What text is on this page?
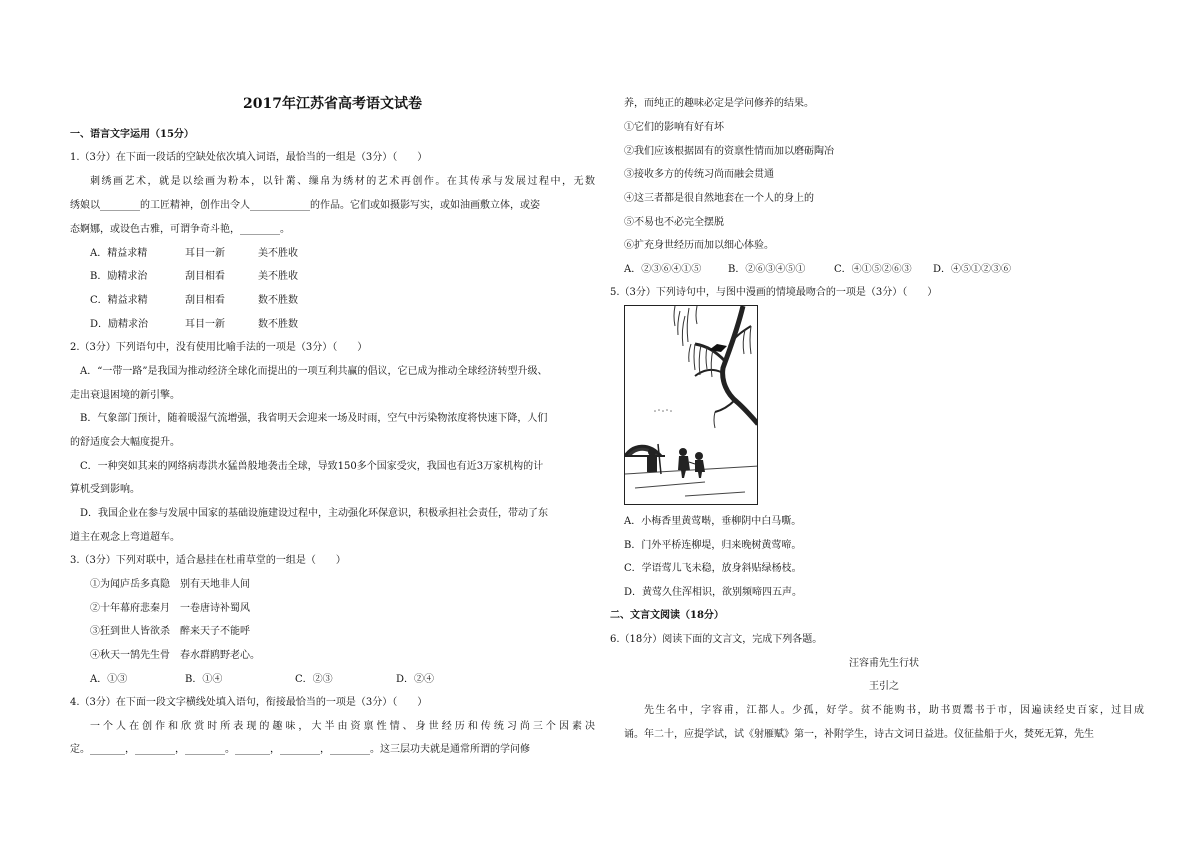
2017年江苏省高考语文试卷
一、语言文字运用（15分）
1.（3分）在下面一段话的空缺处依次填入词语，最恰当的一组是（3分）（　　）
刺绣画艺术，就是以绘画为粉本，以针黹、缫帛为绣材的艺术再创作。在其传承与发展过程中，无数
绣娘以________的工匠精神，创作出令人____________的作品。它们或如摄影写实，或如油画敷立体，或姿
态婀娜，或设色古雅，可谓争奇斗艳，________。
A．精益求精	耳目一新	美不胜收
B．励精求治	刮目相看	美不胜收
C．精益求精	刮目相看	数不胜数
D．励精求治	耳目一新	数不胜数
2.（3分）下列语句中，没有使用比喻手法的一项是（3分）（　　）
A．“一带一路”是我国为推动经济全球化而提出的一项互利共赢的倡议，它已成为推动全球经济转型升级、
走出衰退困境的新引擎。
B．气象部门预计，随着暖湿气流增强，我省明天会迎来一场及时雨，空气中污染物浓度将快速下降，人们
的舒适度会大幅度提升。
C．一种突如其来的网络病毒洪水猛兽般地袭击全球，导致150多个国家受灾，我国也有近3万家机构的计
算机受到影响。
D．我国企业在参与发展中国家的基础设施建设过程中，主动强化环保意识，积极承担社会责任，带动了东
道主在观念上弯道超车。
3.（3分）下列对联中，适合悬挂在杜甫草堂的一组是（　　）
①为闻庐岳多真隐　别有天地非人间
②十年幕府悲秦月　一卷唐诗补蜀风
③狂到世人皆欲杀　醉来天子不能呼
④秋天一鹄先生骨　春水群鸥野老心。
A．①③	B．①④	C．②③	D．②④
4.（3分）在下面一段文字横线处填入语句，衔接最恰当的一项是（3分）（　　）
一个人在创作和欣赏时所表现的趣味，大半由资禀性情、身世经历和传统习尚三个因素决
定。_______，________，________。_______，________，________。这三层功夫就是通常所谓的学问修
养，而纯正的趣味必定是学问修养的结果。
①它们的影响有好有坏
②我们应该根据固有的资禀性情而加以磨砺陶冶
③接收多方的传统习尚而融会贯通
④这三者都是很自然地套在一个人的身上的
⑤不易也不必完全摆脱
⑥扩充身世经历而加以细心体验。
A．②③⑥④①⑤	B．②⑥③④⑤①	C．④①⑤②⑥③ D．④⑤①②③⑥
5.（3分）下列诗句中，与图中漫画的情境最吻合的一项是（3分）（　　）
A．小梅香里黄莺啭，垂柳阴中白马嘶。
B．门外平桥连柳堤，归来晚树黄莺啼。
C．学语莺儿飞未稳，放身斜贴绿杨枝。
D．黄莺久住浑相识，欲别频啼四五声。
二、文言文阅读（18分）
6.（18分）阅读下面的文言文，完成下列各题。
汪容甫先生行状
王引之
先生名中，字容甫，江都人。少孤，好学。贫不能购书，助书贾鬻书于市，因遍读经史百家，过目成
诵。年二十，应提学试，试《射雁赋》第一，补附学生，诗古文词日益进。仪征盐船于火，焚死无算，先生
